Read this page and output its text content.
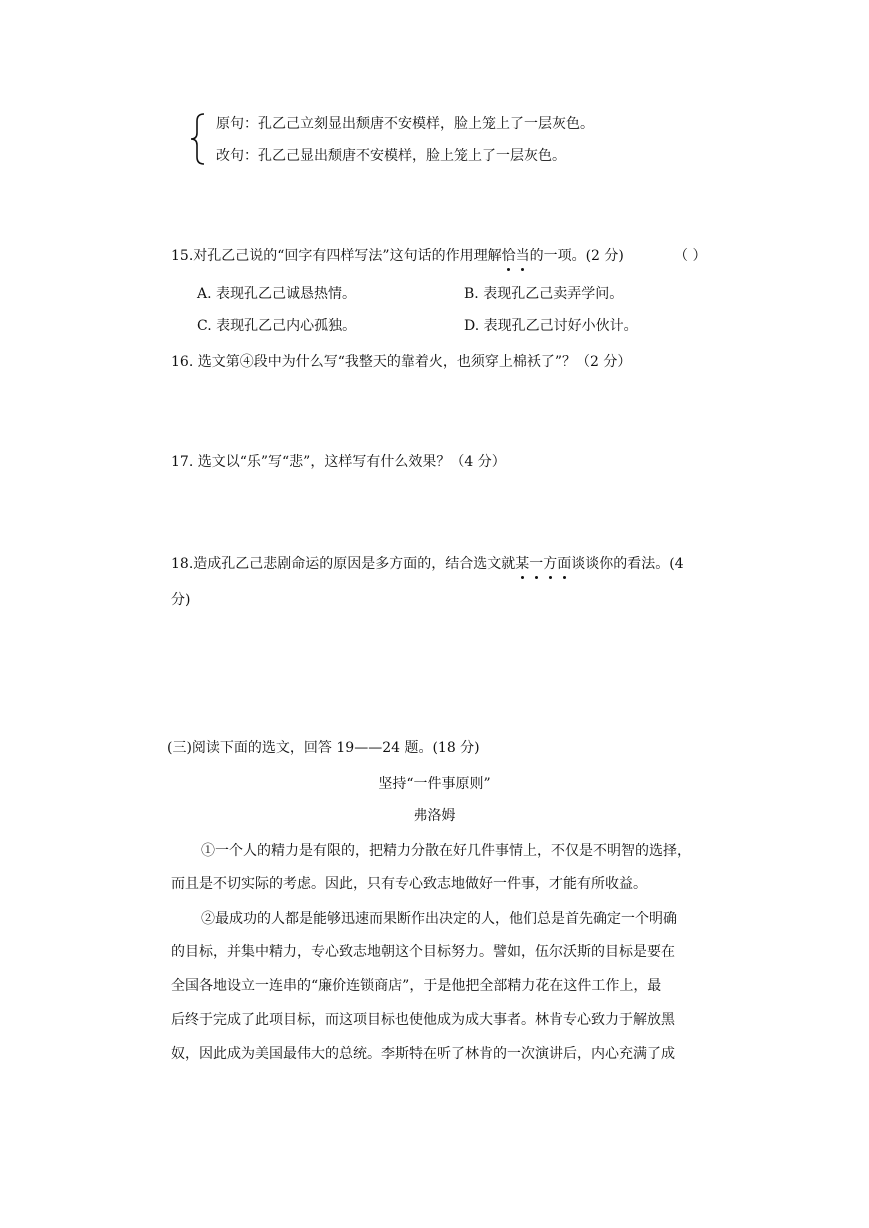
原句：孔乙己立刻显出颓唐不安模样，脸上笼上了一层灰色。
改句：孔乙己显出颓唐不安模样，脸上笼上了一层灰色。
15.对孔乙己说的“回字有四样写法”这句话的作用理解恰当的一项。(2 分)	（ ）
A. 表现孔乙己诚恳热情。	B. 表现孔乙己卖弄学问。
C. 表现孔乙己内心孤独。	D. 表现孔乙己讨好小伙计。
16. 选文第④段中为什么写“我整天的靠着火，也须穿上棉袄了”？（2 分）
17. 选文以“乐”写“悲”，这样写有什么效果？（4 分）
18.造成孔乙己悲剧命运的原因是多方面的，结合选文就某一方面谈谈你的看法。(4
分)
(三)阅读下面的选文，回答 19——24 题。(18 分)
坚持“一件事原则”
弗洛姆
①一个人的精力是有限的，把精力分散在好几件事情上，不仅是不明智的选择，
而且是不切实际的考虑。因此，只有专心致志地做好一件事，才能有所收益。
②最成功的人都是能够迅速而果断作出决定的人，他们总是首先确定一个明确
的目标，并集中精力，专心致志地朝这个目标努力。譬如，伍尔沃斯的目标是要在
全国各地设立一连串的“廉价连锁商店”，于是他把全部精力花在这件工作上，最
后终于完成了此项目标，而这项目标也使他成为成大事者。林肯专心致力于解放黑
奴，因此成为美国最伟大的总统。李斯特在听了林肯的一次演讲后，内心充满了成
